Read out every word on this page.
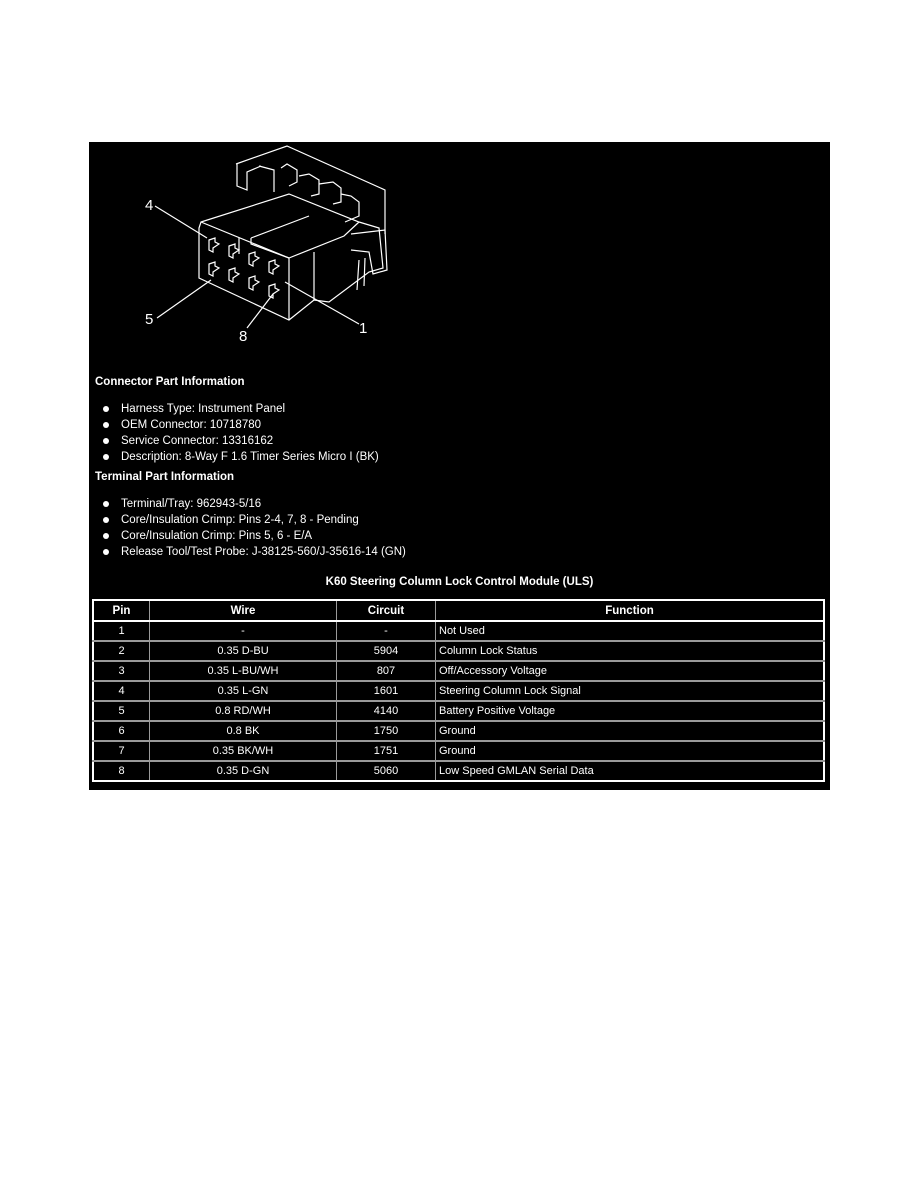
4
5
8	1
Connector Part Information
Harness Type: Instrument Panel
OEM Connector: 10718780
Service Connector: 13316162
Description: 8-Way F 1.6 Timer Series Micro I (BK)
Terminal Part Information
Terminal/Tray: 962943-5/16
Core/Insulation Crimp: Pins 2-4, 7, 8 - Pending
Core/Insulation Crimp: Pins 5, 6 - E/A
Release Tool/Test Probe: J-38125-560/J-35616-14 (GN)
K60 Steering Column Lock Control Module (ULS)
Pin	Wire	Circuit	Function
1	-	-	Not Used
2	0.35 D-BU	5904	Column Lock Status
3	0.35 L-BU/WH	807	Off/Accessory Voltage
4	0.35 L-GN	1601	Steering Column Lock Signal
5	0.8 RD/WH	4140	Battery Positive Voltage
6	0.8 BK	1750	Ground
7	0.35 BK/WH	1751	Ground
8	0.35 D-GN	5060	Low Speed GMLAN Serial Data
